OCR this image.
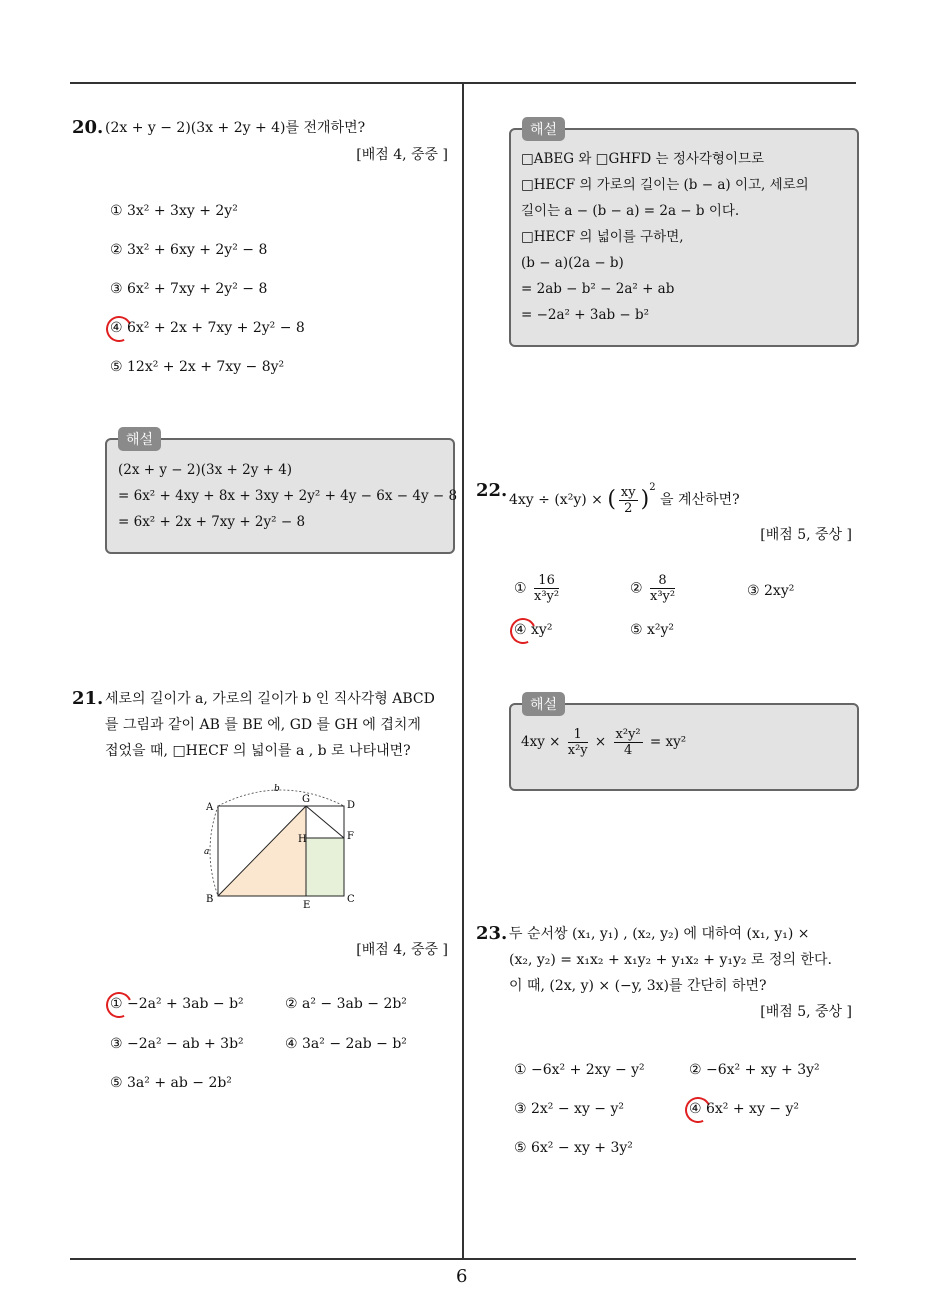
6
20. (2x + y − 2)(3x + 2y + 4)를 전개하면?
[배점 4, 중중 ]
① 3x² + 3xy + 2y²
② 3x² + 6xy + 2y² − 8
③ 6x² + 7xy + 2y² − 8
④ 6x² + 2x + 7xy + 2y² − 8
⑤ 12x² + 2x + 7xy − 8y²
해설
(2x + y − 2)(3x + 2y + 4)
= 6x² + 4xy + 8x + 3xy + 2y² + 4y − 6x − 4y − 8
= 6x² + 2x + 7xy + 2y² − 8
21. 세로의 길이가 a, 가로의 길이가 b 인 직사각형 ABCD
를 그림과 같이 AB 를 BE 에, GD 를 GH 에 겹치게
접었을 때, □HECF 의 넓이를 a , b 로 나타내면?
A
B	C
D
E
F
G
H
a
b
[배점 4, 중중 ]
① −2a² + 3ab − b²	② a² − 3ab − 2b²
③ −2a² − ab + 3b²	④ 3a² − 2ab − b²
⑤ 3a² + ab − 2b²
해설
□ABEG 와 □GHFD 는 정사각형이므로
□HECF 의 가로의 길이는 (b − a) 이고, 세로의
길이는 a − (b − a) = 2a − b 이다.
□HECF 의 넓이를 구하면,
(b − a)(2a − b)
= 2ab − b² − 2a² + ab
= −2a² + 3ab − b²
22. 4xy ÷ (x²y) × ( $\frac{xy}{2} )^2$ 을 계산하면?
[배점 5, 중상 ]
① $\frac{16}{\text{x³y²}}$	② $\frac{8}{\text{x³y²}}$	③ 2xy²
④ xy²	⑤ x²y²
해설
$4xy \times \frac{1}{\text{x²y}} \times \frac{\text{x²y²}}{4} = xy^2$
23. 두 순서쌍 (x₁, y₁) , (x₂, y₂) 에 대하여 (x₁, y₁) ×
(x₂, y₂) = x₁x₂ + x₁y₂ + y₁x₂ + y₁y₂ 로 정의 한다.
이 때, (2x, y) × (−y, 3x)를 간단히 하면?
[배점 5, 중상 ]
① −6x² + 2xy − y²	② −6x² + xy + 3y²
③ 2x² − xy − y²	④ 6x² + xy − y²
⑤ 6x² − xy + 3y²
